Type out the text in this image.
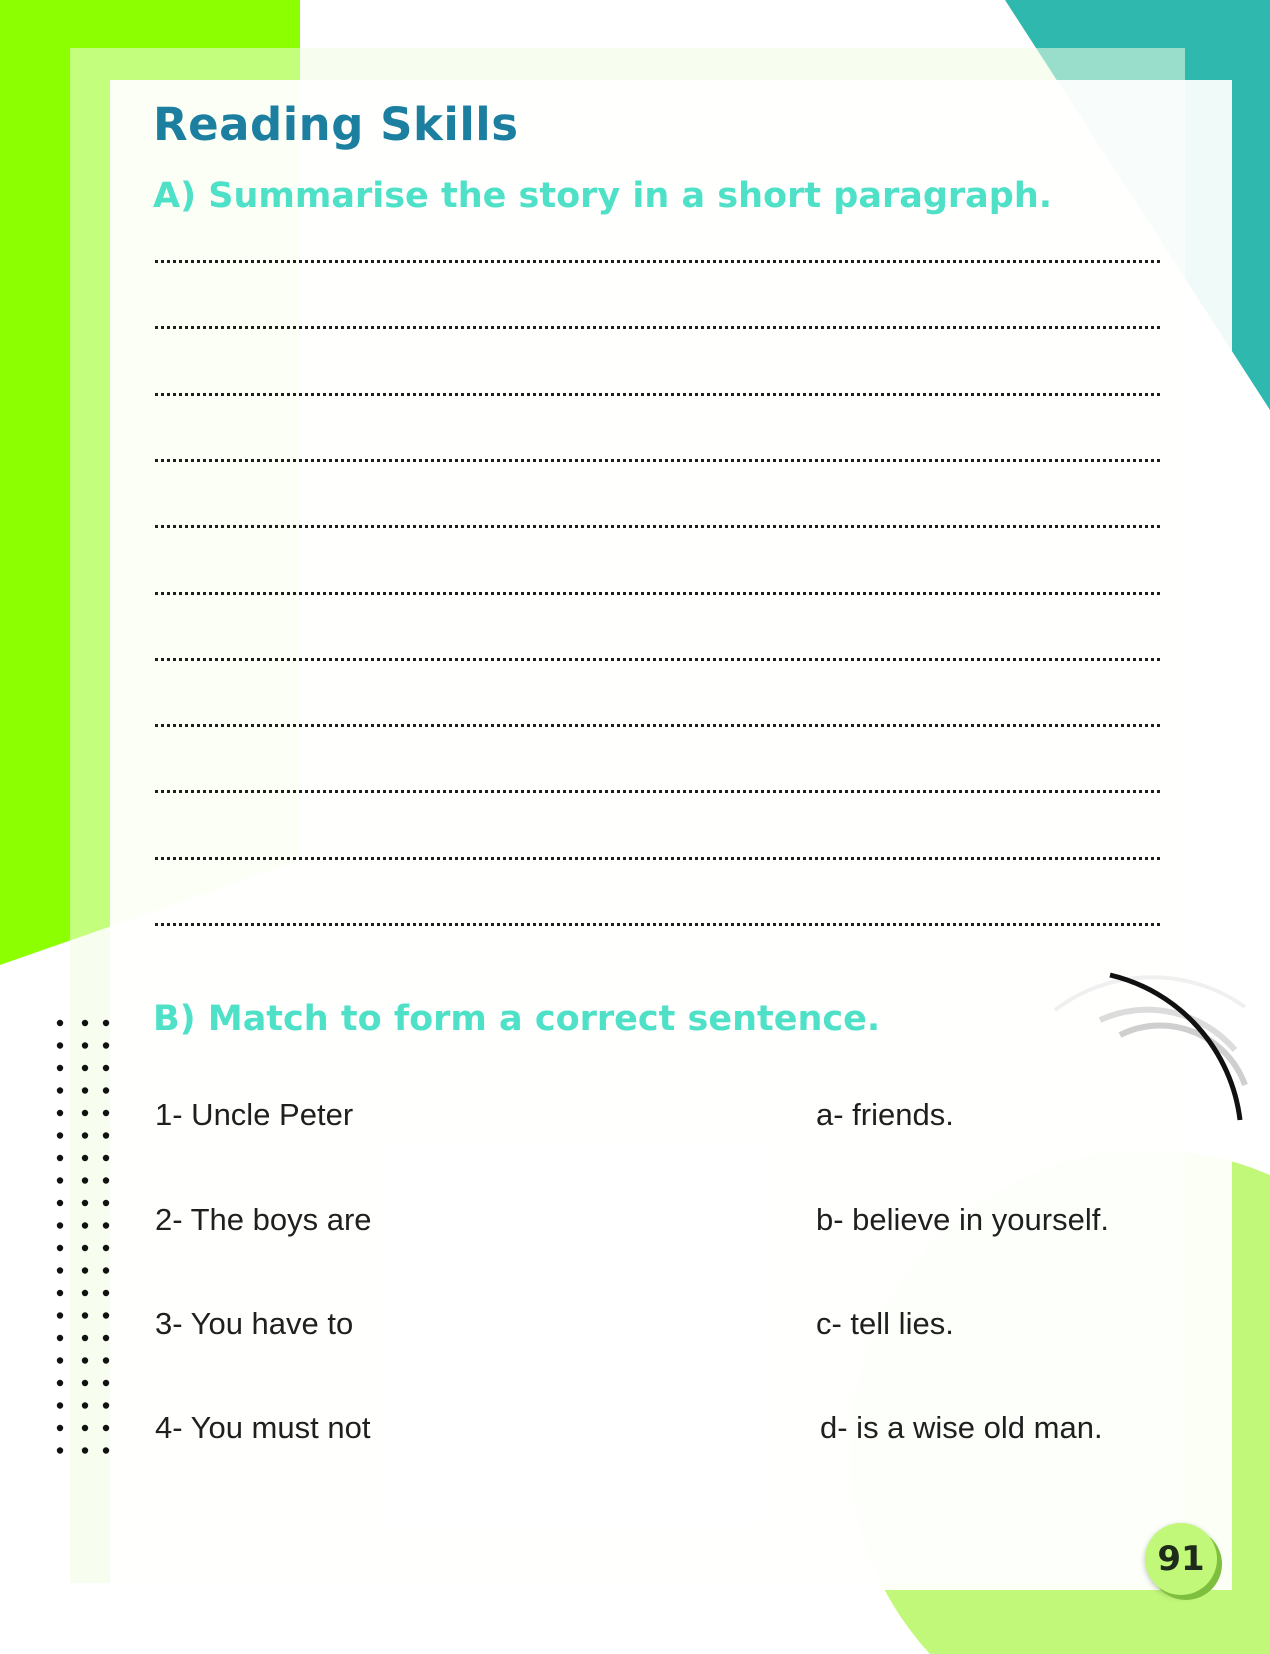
Reading Skills
A) Summarise the story in a short paragraph.
B) Match to form a correct sentence.
1- Uncle Peter
2- The boys are
3- You have to
4- You must not
a- friends.
b- believe in yourself.
c- tell lies.
d- is a wise old man.
91
